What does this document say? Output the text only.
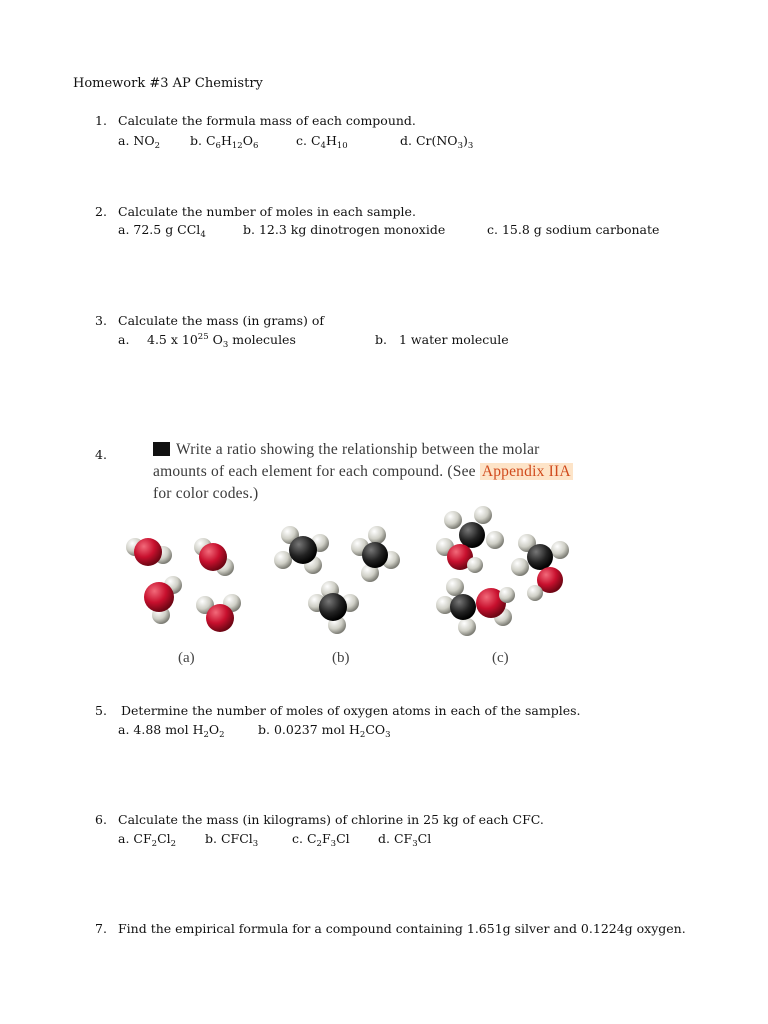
Homework #3 AP Chemistry
1. Calculate the formula mass of each compound.
a. $NO_2$ b. $C_6H_{12}O_6$	c. $C_4H_{10}$	d. $Cr(NO_3)_3$
2. Calculate the number of moles in each sample.
a. 72.5 g CCl$_4$	b. 12.3 kg dinotrogen monoxide	c. 15.8 g sodium carbonate
3. Calculate the mass (in grams) of
a. 4.5 x $10^{25}$ $O_3$ molecules	b. 1 water molecule
4.	Write a ratio showing the relationship between the molar
amounts of each element for each compound. (See Appendix IIA
for color codes.)
(a)	(b)	(c)
5. Determine the number of moles of oxygen atoms in each of the samples.
a. 4.88 mol $H_2O_2$	b. 0.0237 mol $H_2CO_3$
6. Calculate the mass (in kilograms) of chlorine in 25 kg of each CFC.
a. $CF_2Cl_2$ b. CFCl$_3$	c. $C_2F_3Cl$ d. $CF_3Cl$
7. Find the empirical formula for a compound containing 1.651g silver and 0.1224g oxygen.
